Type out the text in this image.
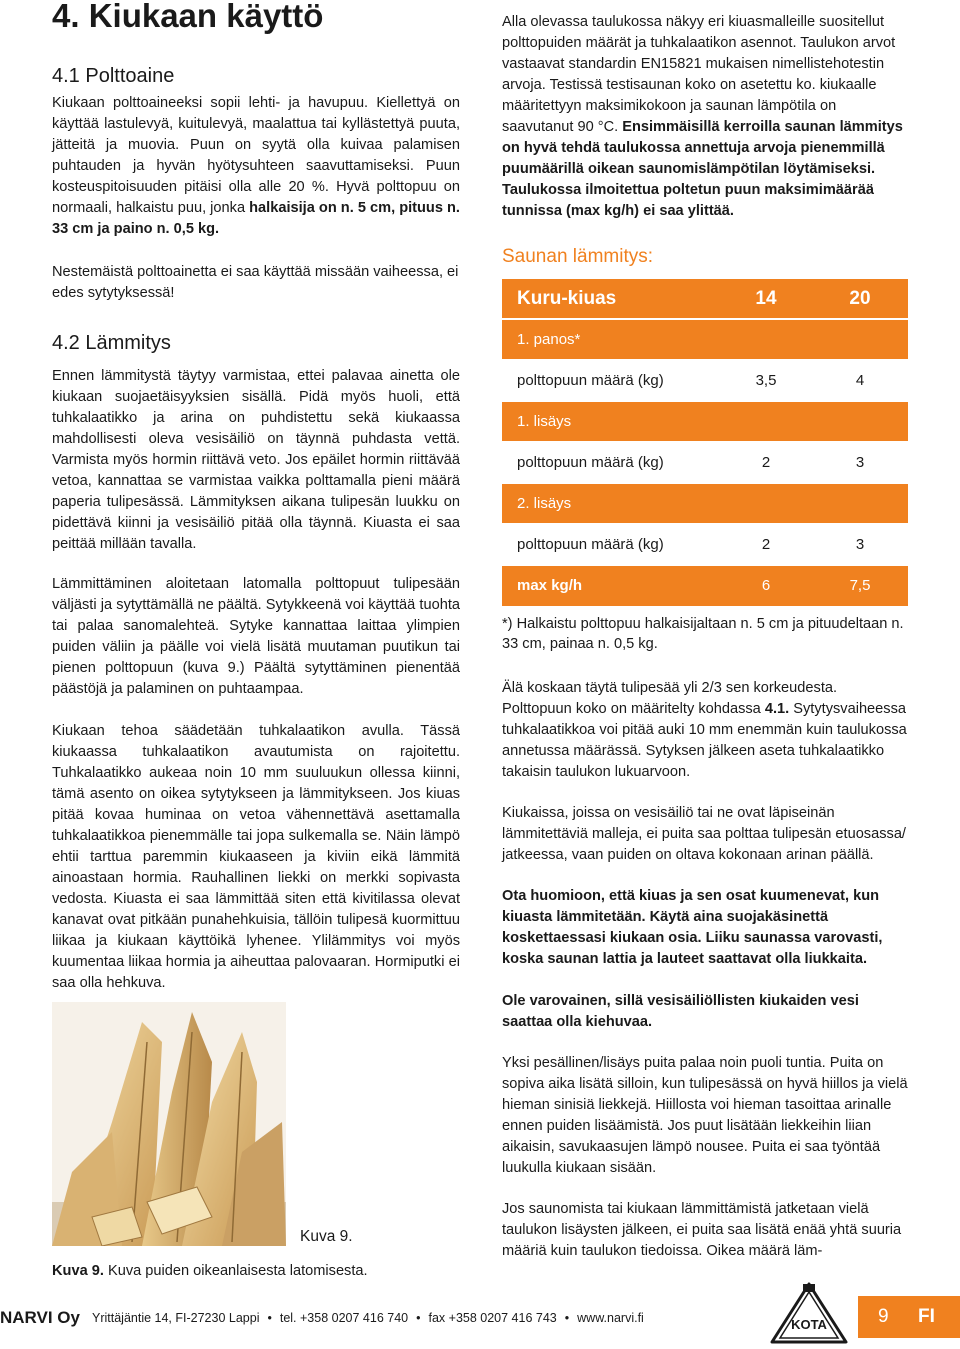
4. Kiukaan käyttö
4.1 Polttoaine

Kiukaan polttoaineeksi sopii lehti- ja havupuu. Kiellettyä on käyttää lastulevyä, kuitulevyä, maalattua tai kyllästettyä puuta, jätteitä ja muovia. Puun on syytä olla kuivaa palamisen puhtauden ja hyvän hyötysuhteen saavuttamiseksi. Puun kosteuspitoisuuden pitäisi olla alle 20 %. Hyvä polttopuu on normaali, halkaistu puu, jonka halkaisija on n. 5 cm, pituus n. 33 cm ja paino n. 0,5 kg.

Nestemäistä polttoainetta ei saa käyttää missään vaiheessa, ei edes sytytyksessä!

4.2 Lämmitys

Ennen lämmitystä täytyy varmistaa, ettei palavaa ainetta ole kiukaan suojaetäisyyksien sisällä. Pidä myös huoli, että tuhkalaatikko ja arina on puhdistettu sekä kiukaassa mahdollisesti oleva vesisäiliö on täynnä puhdasta vettä. Varmista myös hormin riittävä veto. Jos epäilet hormin riittävää vetoa, kannattaa se varmistaa vaikka polttamalla pieni määrä paperia tulipesässä. Lämmityksen aikana tulipesän luukku on pidettävä kiinni ja vesisäiliö pitää olla täynnä. Kiuasta ei saa peittää millään tavalla.

Lämmittäminen aloitetaan latomalla polttopuut tulipesään väljästi ja sytyttämällä ne päältä. Sytykkeenä voi käyttää tuohta tai palaa sanomalehteä. Sytyke kannattaa laittaa ylimpien puiden väliin ja päälle voi vielä lisätä muutaman puutikun tai pienen polttopuun (kuva 9.) Päältä sytyttäminen pienentää päästöjä ja palaminen on puhtaampaa.

Kiukaan tehoa säädetään tuhkalaatikon avulla. Tässä kiukaassa tuhkalaatikon avautumista on rajoitettu. Tuhkalaatikko aukeaa noin 10 mm suuluukun ollessa kiinni, tämä asento on oikea sytytykseen ja lämmitykseen. Jos kiuas pitää kovaa huminaa on vetoa vähennettävä asettamalla tuhkalaatikkoa pienemmälle tai jopa sulkemalla se. Näin lämpö ehtii tarttua paremmin kiukaaseen ja kiviin eikä lämmitä ainoastaan hormia. Rauhallinen liekki on merkki sopivasta vedosta. Kiuasta ei saa lämmittää siten että kivitilassa olevat kanavat ovat pitkään punahehkuisia, tällöin tulipesä kuormittuu liikaa ja kiukaan käyttöikä lyhenee. Ylilämmitys voi myös kuumentaa liikaa hormia ja aiheuttaa palovaaran. Hormiputki ei saa olla hehkuva.

Kuva 9.

Kuva 9. Kuva puiden oikeanlaisesta latomisesta.

Alla olevassa taulukossa näkyy eri kiuasmalleille suositellut polttopuiden määrät ja tuhkalaatikon asennot. Taulukon arvot vastaavat standardin EN15821 mukaisen nimellistehotestin arvoja. Testissä testisaunan koko on asetettu ko. kiukaalle määritettyyn maksimikokoon ja saunan lämpötila on saavutanut 90 °C. Ensimmäisillä kerroilla saunan lämmitys on hyvä tehdä taulukossa annettuja arvoja pienemmillä puumäärillä oikean saunomislämpötilan löytämiseksi. Taulukossa ilmoitettua poltetun puun maksimimäärää tunnissa (max kg/h) ei saa ylittää.

Saunan lämmitys:
Kuru-kiuas	14	20
1. panos*
polttopuun määrä (kg)	3,5	4
1. lisäys
polttopuun määrä (kg)	2	3
2. lisäys
polttopuun määrä (kg)	2	3
max kg/h	6	7,5

*) Halkaistu polttopuu halkaisijaltaan n. 5 cm ja pituudeltaan n. 33 cm, painaa n. 0,5 kg.

Älä koskaan täytä tulipesää yli 2/3 sen korkeudesta. Polttopuun koko on määritelty kohdassa 4.1. Sytytysvaiheessa tuhkalaatikkoa voi pitää auki 10 mm enemmän kuin taulukossa annetussa määrässä. Sytyksen jälkeen aseta tuhkalaatikko takaisin taulukon lukuarvoon.

Kiukaissa, joissa on vesisäiliö tai ne ovat läpiseinän lämmitettäviä malleja, ei puita saa polttaa tulipesän etuosassa/ jatkeessa, vaan puiden on oltava kokonaan arinan päällä.

Ota huomioon, että kiuas ja sen osat kuumenevat, kun kiuasta lämmitetään. Käytä aina suojakäsinettä koskettaessasi kiukaan osia. Liiku saunassa varovasti, koska saunan lattia ja lauteet saattavat olla liukkaita.

Ole varovainen, sillä vesisäiliöllisten kiukaiden vesi saattaa olla kiehuvaa.

Yksi pesällinen/lisäys puita palaa noin puoli tuntia. Puita on sopiva aika lisätä silloin, kun tulipesässä on hyvä hiillos ja vielä hieman sinisiä liekkejä. Hiillosta voi hieman tasoittaa arinalle ennen puiden lisäämistä. Jos puut lisätään liekkeihin liian aikaisin, savukaasujen lämpö nousee. Puita ei saa työntää luukulla kiukaan sisään.

Jos saunomista tai kiukaan lämmittämistä jatketaan vielä taulukon lisäysten jälkeen, ei puita saa lisätä enää yhtä suuria määriä kuin taulukon tiedoissa. Oikea määrä läm-

NARVI Oy Yrittäjäntie 14, FI-27230 Lappi • tel. +358 0207 416 740 • fax +358 0207 416 743 • www.narvi.fi	KOTA	9	FI
